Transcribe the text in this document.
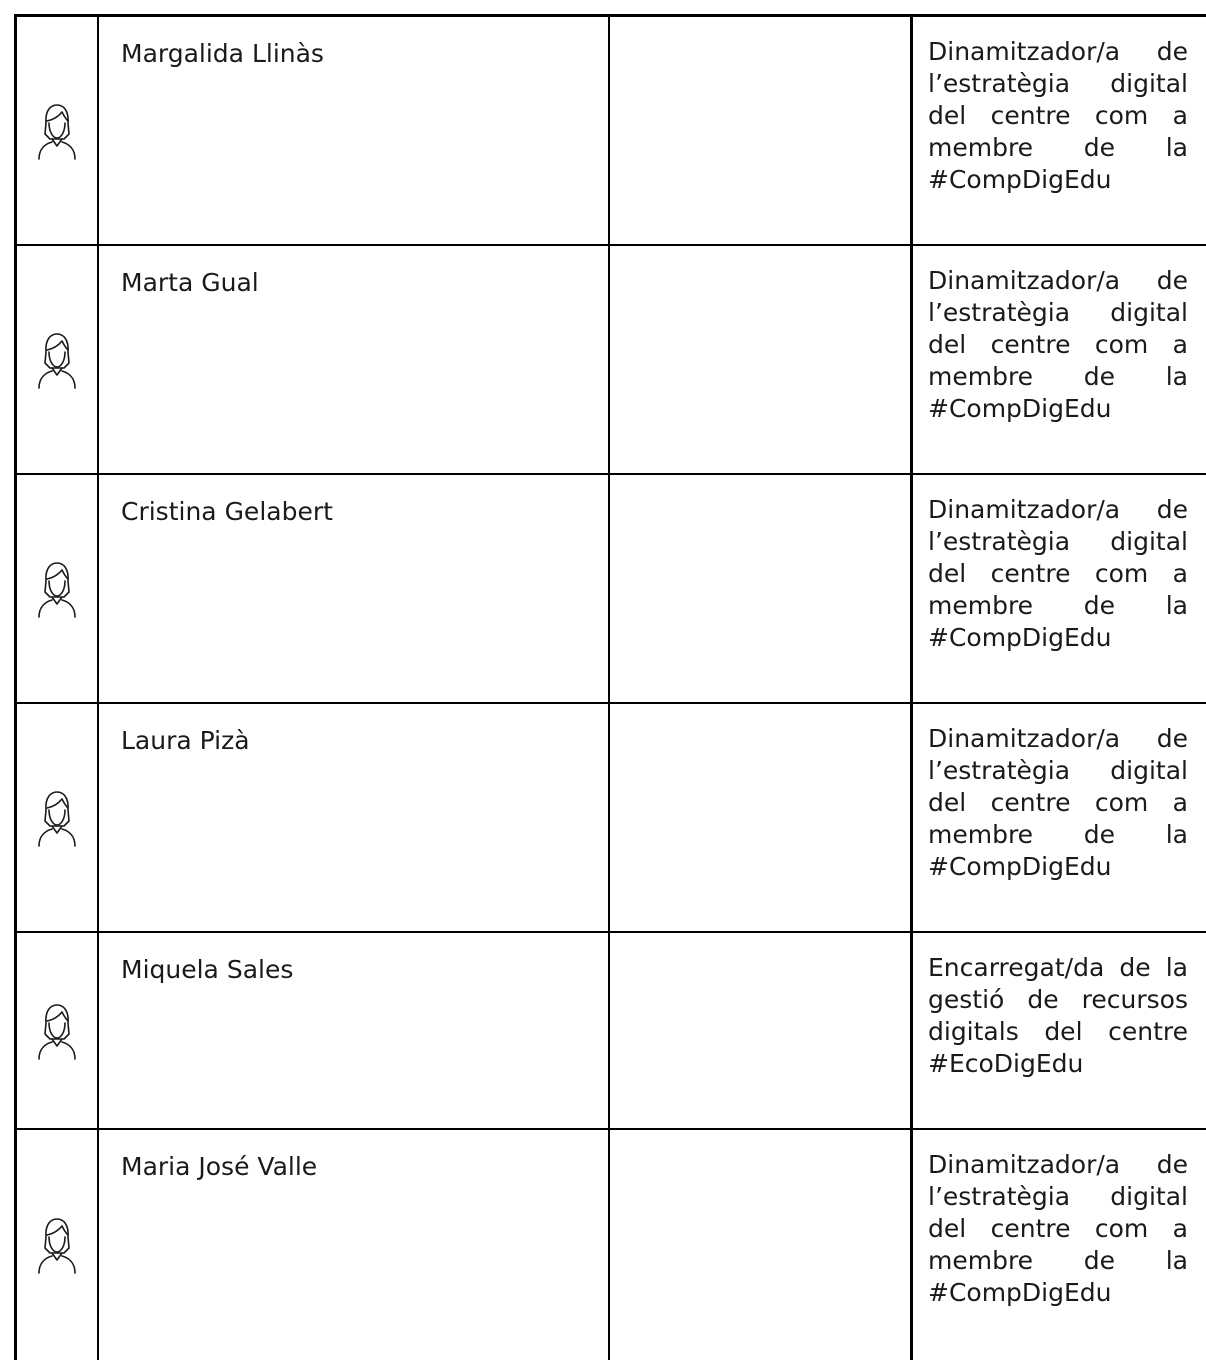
Margalida Llinàs	Dinamitzador/a de l’estratègia digital del centre com a membre de la #CompDigEdu
Marta Gual	Dinamitzador/a de l’estratègia digital del centre com a membre de la #CompDigEdu
Cristina Gelabert	Dinamitzador/a de l’estratègia digital del centre com a membre de la #CompDigEdu
Laura Pizà	Dinamitzador/a de l’estratègia digital del centre com a membre de la #CompDigEdu
Miquela Sales	Encarregat/da de la gestió de recursos digitals del centre #EcoDigEdu
Maria José Valle	Dinamitzador/a de l’estratègia digital del centre com a membre de la #CompDigEdu
